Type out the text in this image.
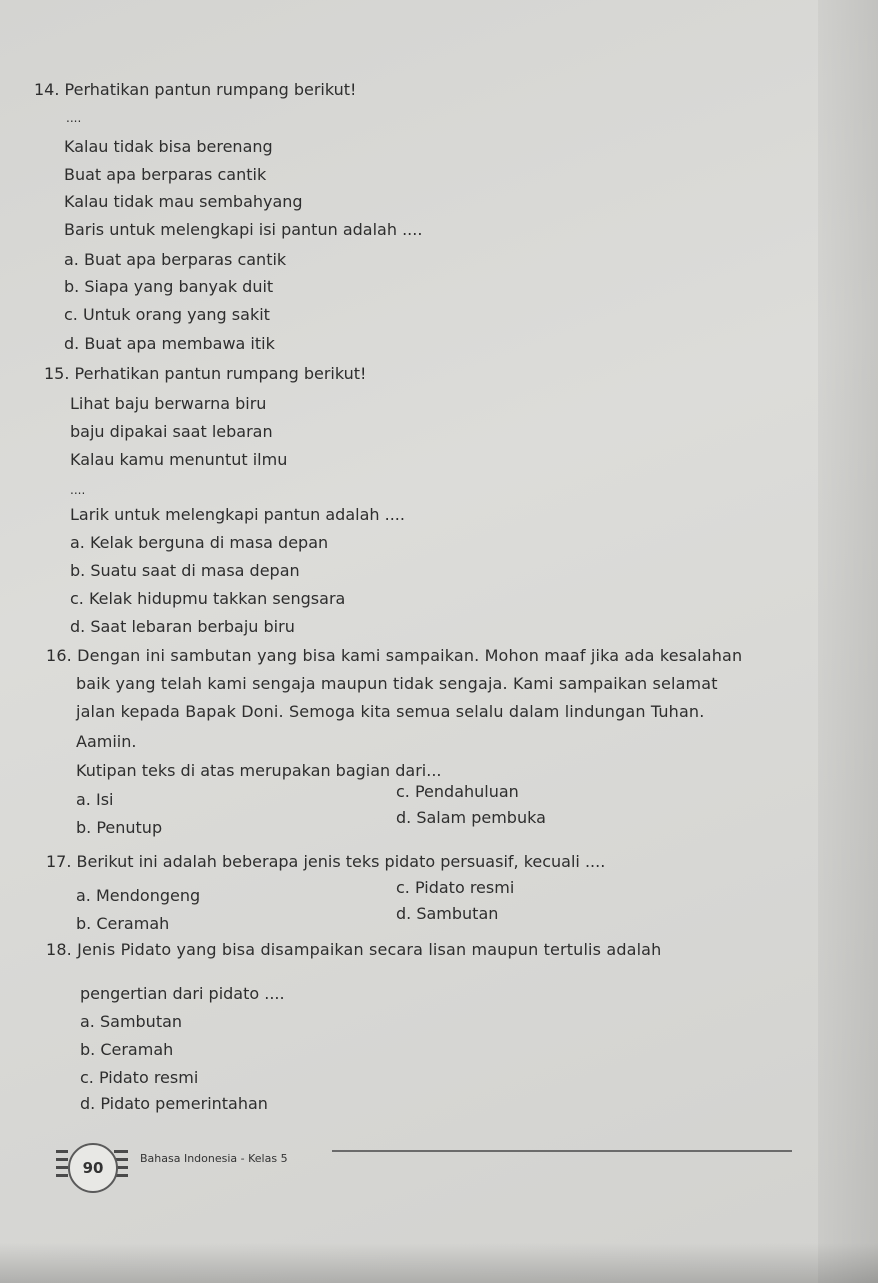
14. Perhatikan pantun rumpang berikut!
....
Kalau tidak bisa berenang
Buat apa berparas cantik
Kalau tidak mau sembahyang
Baris untuk melengkapi isi pantun adalah ....
a. Buat apa berparas cantik
b. Siapa yang banyak duit
c. Untuk orang yang sakit
d. Buat apa membawa itik
15. Perhatikan pantun rumpang berikut!
Lihat baju berwarna biru
baju dipakai saat lebaran
Kalau kamu menuntut ilmu
....
Larik untuk melengkapi pantun adalah ....
a. Kelak berguna di masa depan
b. Suatu saat di masa depan
c. Kelak hidupmu takkan sengsara
d. Saat lebaran berbaju biru
16. Dengan ini sambutan yang bisa kami sampaikan. Mohon maaf jika ada kesalahan
baik yang telah kami sengaja maupun tidak sengaja. Kami sampaikan selamat
jalan kepada Bapak Doni. Semoga kita semua selalu dalam lindungan Tuhan.
Aamiin.
Kutipan teks di atas merupakan bagian dari...
a. Isi
b. Penutup
c. Pendahuluan
d. Salam pembuka
17. Berikut ini adalah beberapa jenis teks pidato persuasif, kecuali ....
a. Mendongeng
b. Ceramah
c. Pidato resmi
d. Sambutan
18. Jenis Pidato yang bisa disampaikan secara lisan maupun tertulis adalah
pengertian dari pidato ....
a. Sambutan
b. Ceramah
c. Pidato resmi
d. Pidato pemerintahan
90
Bahasa Indonesia - Kelas 5
